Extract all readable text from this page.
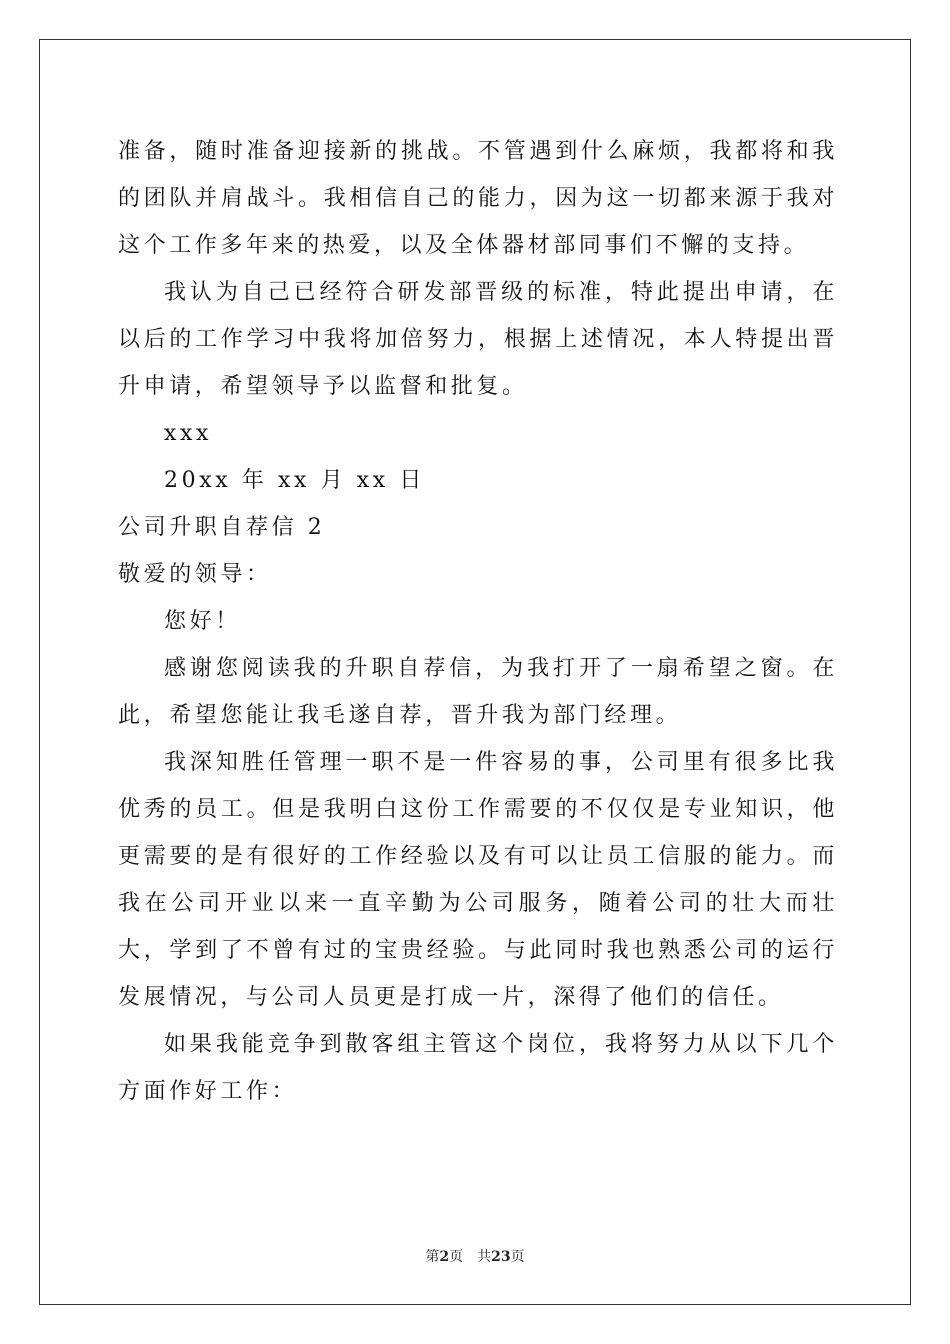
准备，随时准备迎接新的挑战。不管遇到什么麻烦，我都将和我的团队并肩战斗。我相信自己的能力，因为这一切都来源于我对这个工作多年来的热爱，以及全体器材部同事们不懈的支持。

我认为自己已经符合研发部晋级的标准，特此提出申请，在以后的工作学习中我将加倍努力，根据上述情况，本人特提出晋升申请，希望领导予以监督和批复。

xxx

20xx 年 xx 月 xx 日

公司升职自荐信 2

敬爱的领导：

您好！

感谢您阅读我的升职自荐信，为我打开了一扇希望之窗。在此，希望您能让我毛遂自荐，晋升我为部门经理。

我深知胜任管理一职不是一件容易的事，公司里有很多比我优秀的员工。但是我明白这份工作需要的不仅仅是专业知识，他更需要的是有很好的工作经验以及有可以让员工信服的能力。而我在公司开业以来一直辛勤为公司服务，随着公司的壮大而壮大，学到了不曾有过的宝贵经验。与此同时我也熟悉公司的运行发展情况，与公司人员更是打成一片，深得了他们的信任。

如果我能竞争到散客组主管这个岗位，我将努力从以下几个方面作好工作：

第2页 共23页
